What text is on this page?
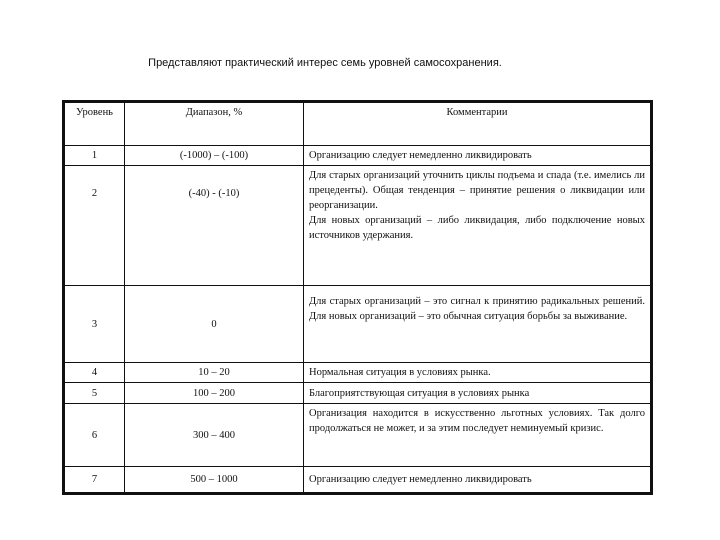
Представляют практический интерес семь уровней самосохранения.
Уровень	Диапазон, %	Комментарии
1	(-1000) – (-100)	Организацию следует немедленно ликвидировать
2	(-40) - (-10)	Для старых организаций уточнить циклы подъема и спада (т.е. имелись ли прецеденты). Общая тенденция – принятие решения о ликвидации или реорганизации.
Для новых организаций – либо ликвидация, либо подключение новых источников удержания.

3	0	Для старых организаций – это сигнал к принятию радикальных решений. Для новых организаций – это обычная ситуация борьбы за выживание.
4	10 – 20	Нормальная ситуация в условиях рынка.
5	100 – 200	Благоприятствующая ситуация в условиях рынка
6	300 – 400	Организация находится в искусственно льготных условиях. Так долго продолжаться не может, и за этим последует неминуемый кризис.
7	500 – 1000	Организацию следует немедленно ликвидировать
